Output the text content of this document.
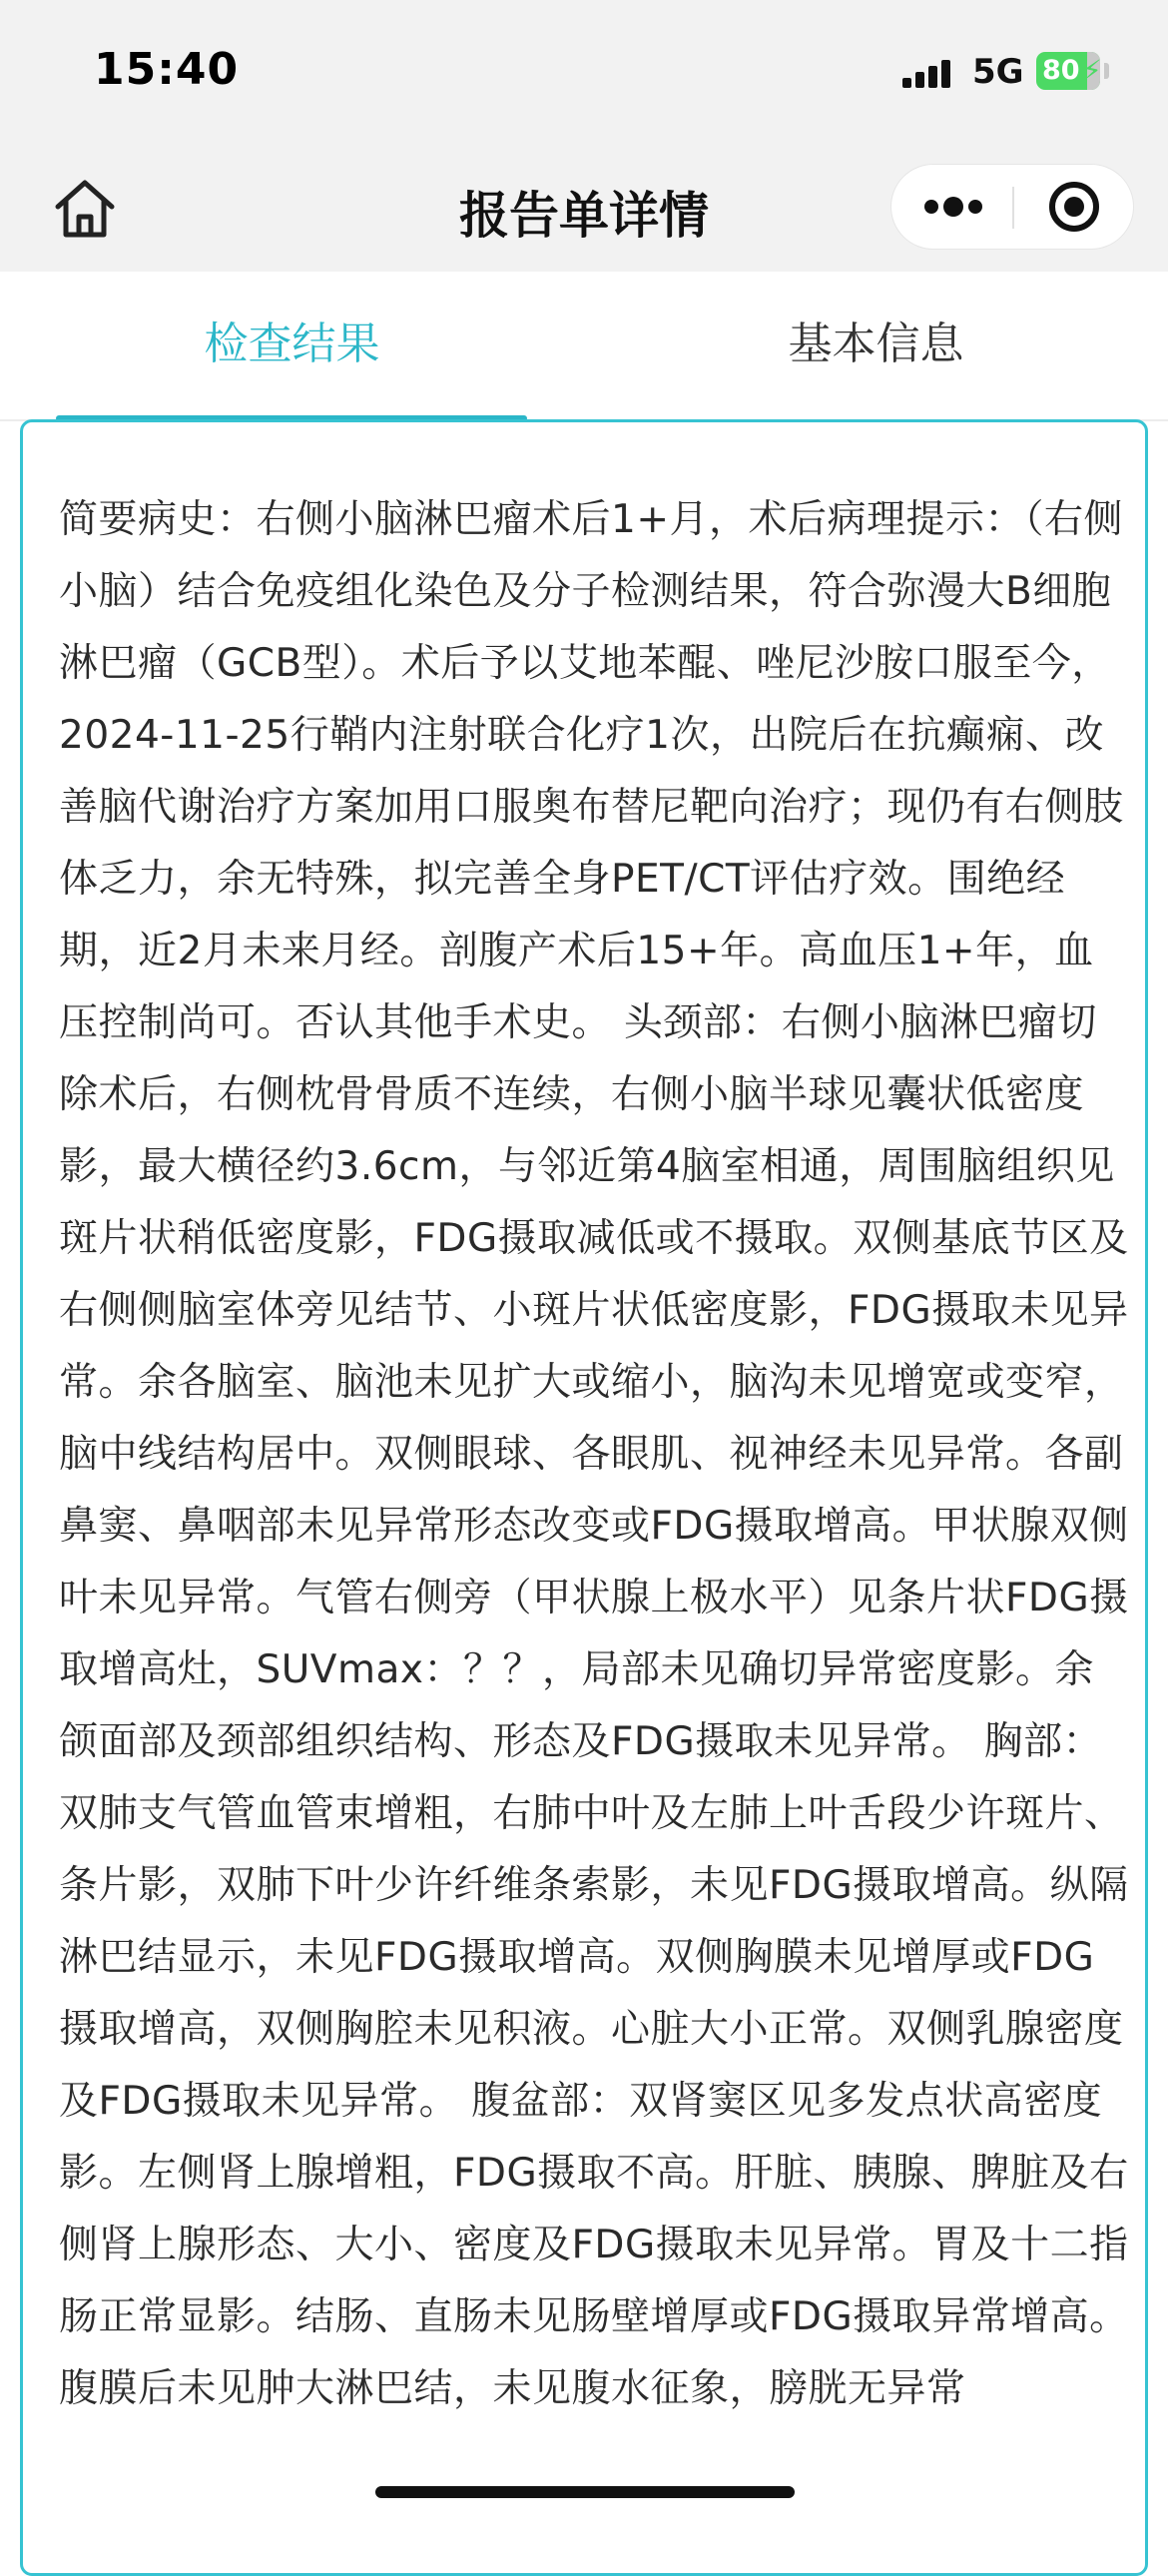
15:40	5G 80 ⚡
报告单详情
检查结果	基本信息

简要病史：右侧小脑淋巴瘤术后1+月，术后病理提示：（右侧小脑）结合免疫组化染色及分子检测结果，符合弥漫大B细胞淋巴瘤（GCB型）。术后予以艾地苯醌、唑尼沙胺口服至今，2024-11-25行鞘内注射联合化疗1次，出院后在抗癫痫、改善脑代谢治疗方案加用口服奥布替尼靶向治疗；现仍有右侧肢体乏力，余无特殊，拟完善全身PET/CT评估疗效。围绝经期，近2月未来月经。剖腹产术后15+年。高血压1+年，血压控制尚可。否认其他手术史。 头颈部：右侧小脑淋巴瘤切除术后，右侧枕骨骨质不连续，右侧小脑半球见囊状低密度影，最大横径约3.6cm，与邻近第4脑室相通，周围脑组织见斑片状稍低密度影，FDG摄取减低或不摄取。双侧基底节区及右侧侧脑室体旁见结节、小斑片状低密度影，FDG摄取未见异常。余各脑室、脑池未见扩大或缩小，脑沟未见增宽或变窄，脑中线结构居中。双侧眼球、各眼肌、视神经未见异常。各副鼻窦、鼻咽部未见异常形态改变或FDG摄取增高。甲状腺双侧叶未见异常。气管右侧旁（甲状腺上极水平）见条片状FDG摄取增高灶，SUVmax：？？，局部未见确切异常密度影。余颌面部及颈部组织结构、形态及FDG摄取未见异常。 胸部：双肺支气管血管束增粗，右肺中叶及左肺上叶舌段少许斑片、条片影，双肺下叶少许纤维条索影，未见FDG摄取增高。纵隔淋巴结显示，未见FDG摄取增高。双侧胸膜未见增厚或FDG摄取增高，双侧胸腔未见积液。心脏大小正常。双侧乳腺密度及FDG摄取未见异常。 腹盆部：双肾窦区见多发点状高密度影。左侧肾上腺增粗，FDG摄取不高。肝脏、胰腺、脾脏及右侧肾上腺形态、大小、密度及FDG摄取未见异常。胃及十二指肠正常显影。结肠、直肠未见肠壁增厚或FDG摄取异常增高。腹膜后未见肿大淋巴结，未见腹水征象，膀胱无异常
